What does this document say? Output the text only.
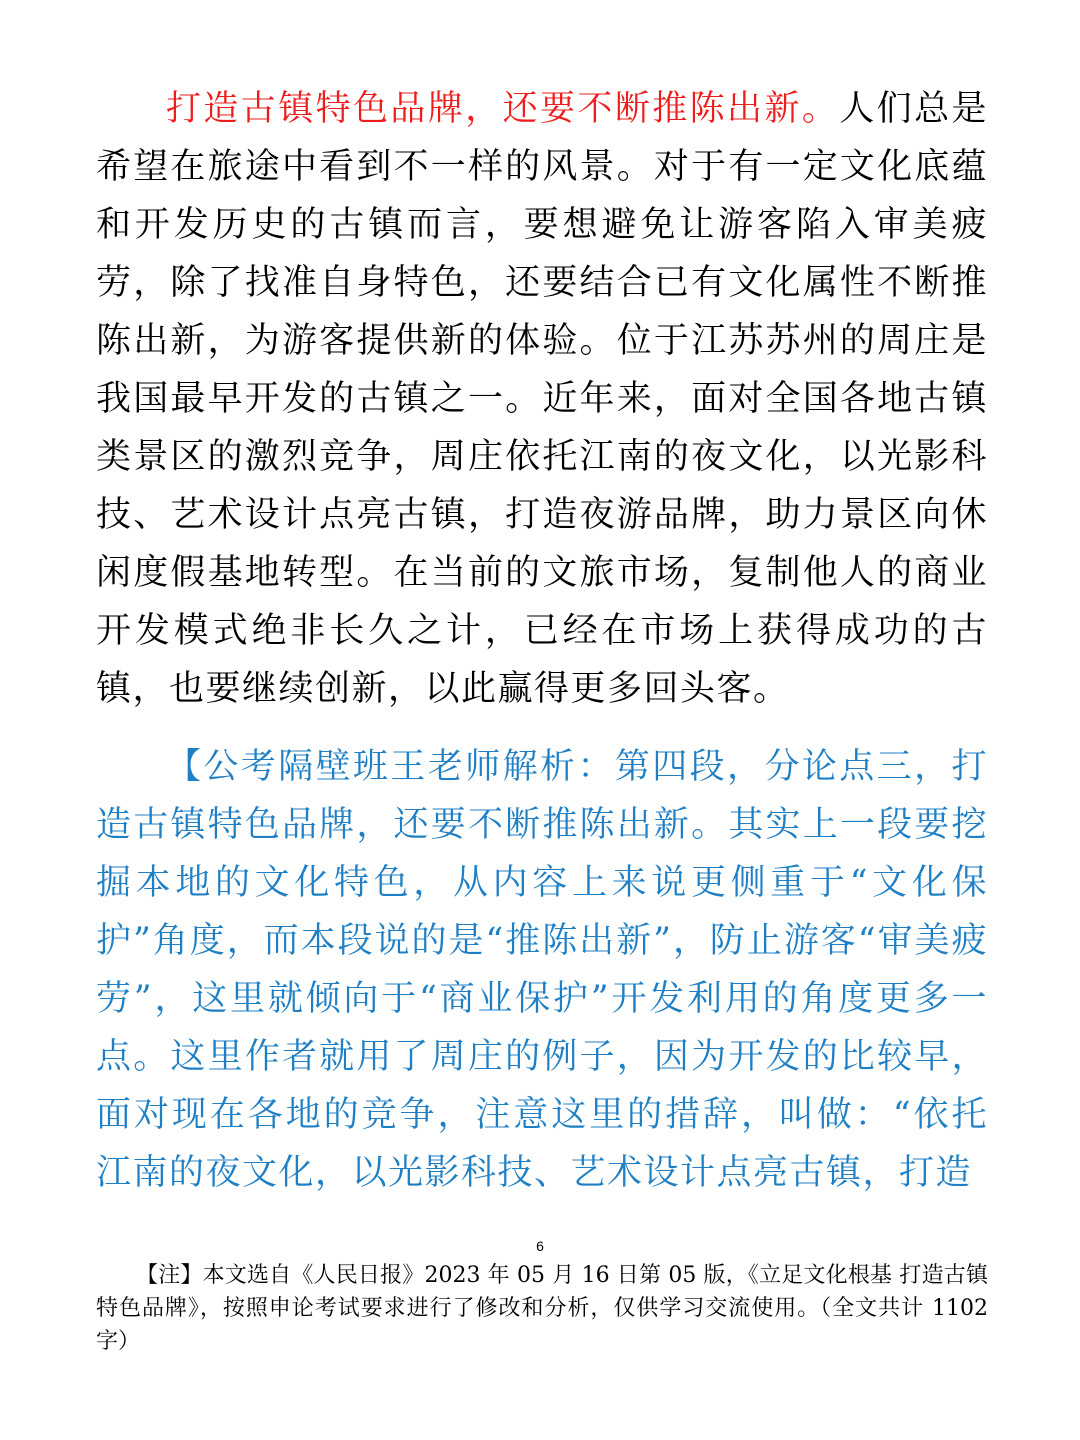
打造古镇特色品牌，还要不断推陈出新。人们总是希望在旅途中看到不一样的风景。对于有一定文化底蕴和开发历史的古镇而言，要想避免让游客陷入审美疲劳，除了找准自身特色，还要结合已有文化属性不断推陈出新，为游客提供新的体验。位于江苏苏州的周庄是我国最早开发的古镇之一。近年来，面对全国各地古镇类景区的激烈竞争，周庄依托江南的夜文化，以光影科技、艺术设计点亮古镇，打造夜游品牌，助力景区向休闲度假基地转型。在当前的文旅市场，复制他人的商业开发模式绝非长久之计，已经在市场上获得成功的古镇，也要继续创新，以此赢得更多回头客。

【公考隔壁班王老师解析：第四段，分论点三，打造古镇特色品牌，还要不断推陈出新。其实上一段要挖掘本地的文化特色，从内容上来说更侧重于“文化保护”角度，而本段说的是“推陈出新”，防止游客“审美疲劳”，这里就倾向于“商业保护”开发利用的角度更多一点。这里作者就用了周庄的例子，因为开发的比较早，面对现在各地的竞争，注意这里的措辞，叫做：“依托江南的夜文化，以光影科技、艺术设计点亮古镇，打造

6

【注】本文选自《人民日报》2023 年 05 月 16 日第 05 版，《立足文化根基 打造古镇特色品牌》，按照申论考试要求进行了修改和分析，仅供学习交流使用。（全文共计 1102 字）
